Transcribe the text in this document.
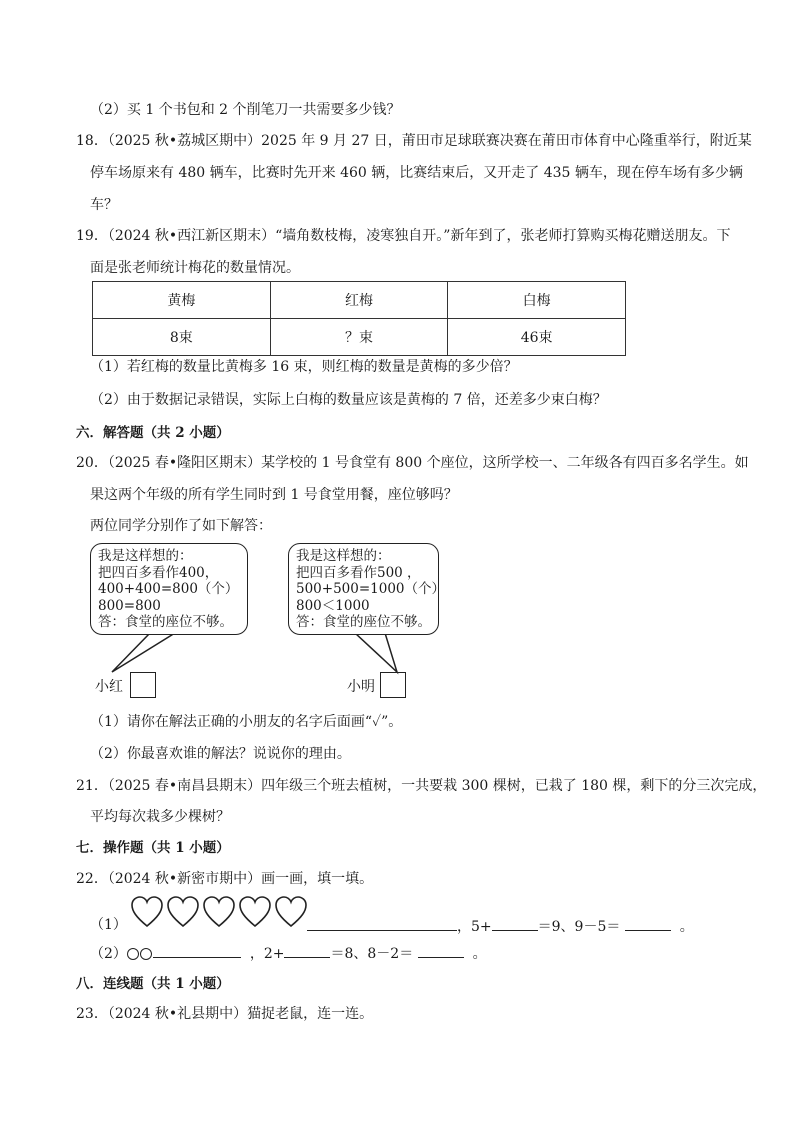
（2）买 1 个书包和 2 个削笔刀一共需要多少钱？
18．（2025 秋•荔城区期中）2025 年 9 月 27 日，莆田市足球联赛决赛在莆田市体育中心隆重举行，附近某
停车场原来有 480 辆车，比赛时先开来 460 辆，比赛结束后，又开走了 435 辆车，现在停车场有多少辆
车？
19．（2024 秋•西江新区期末）“墙角数枝梅，凌寒独自开。”新年到了，张老师打算购买梅花赠送朋友。下
面是张老师统计梅花的数量情况。
黄梅	红梅	白梅
8束	？束	46束
（1）若红梅的数量比黄梅多 16 束，则红梅的数量是黄梅的多少倍？
（2）由于数据记录错误，实际上白梅的数量应该是黄梅的 7 倍，还差多少束白梅？
六．解答题（共 2 小题）
20．（2025 春•隆阳区期末）某学校的 1 号食堂有 800 个座位，这所学校一、二年级各有四百多名学生。如
果这两个年级的所有学生同时到 1 号食堂用餐，座位够吗？
两位同学分别作了如下解答：
我是这样想的：
把四百多看作400，
400+400=800（个）
800=800
答：食堂的座位不够。
小红
我是这样想的：
把四百多看作500 ，
500+500=1000（个）
800＜1000
答：食堂的座位不够。
小明
（1）请你在解法正确的小朋友的名字后面画“✓”。
（2）你最喜欢谁的解法？说说你的理由。
21．（2025 春•南昌县期末）四年级三个班去植树，一共要栽 300 棵树，已栽了 180 棵，剩下的分三次完成，
平均每次栽多少棵树？
七．操作题（共 1 小题）
22．（2024 秋•新密市期中）画一画，填一填。
（1）	，5+	＝9、9－5＝	。
（2）	，2+	＝8、8－2＝	。
八．连线题（共 1 小题）
23．（2024 秋•礼县期中）猫捉老鼠，连一连。
